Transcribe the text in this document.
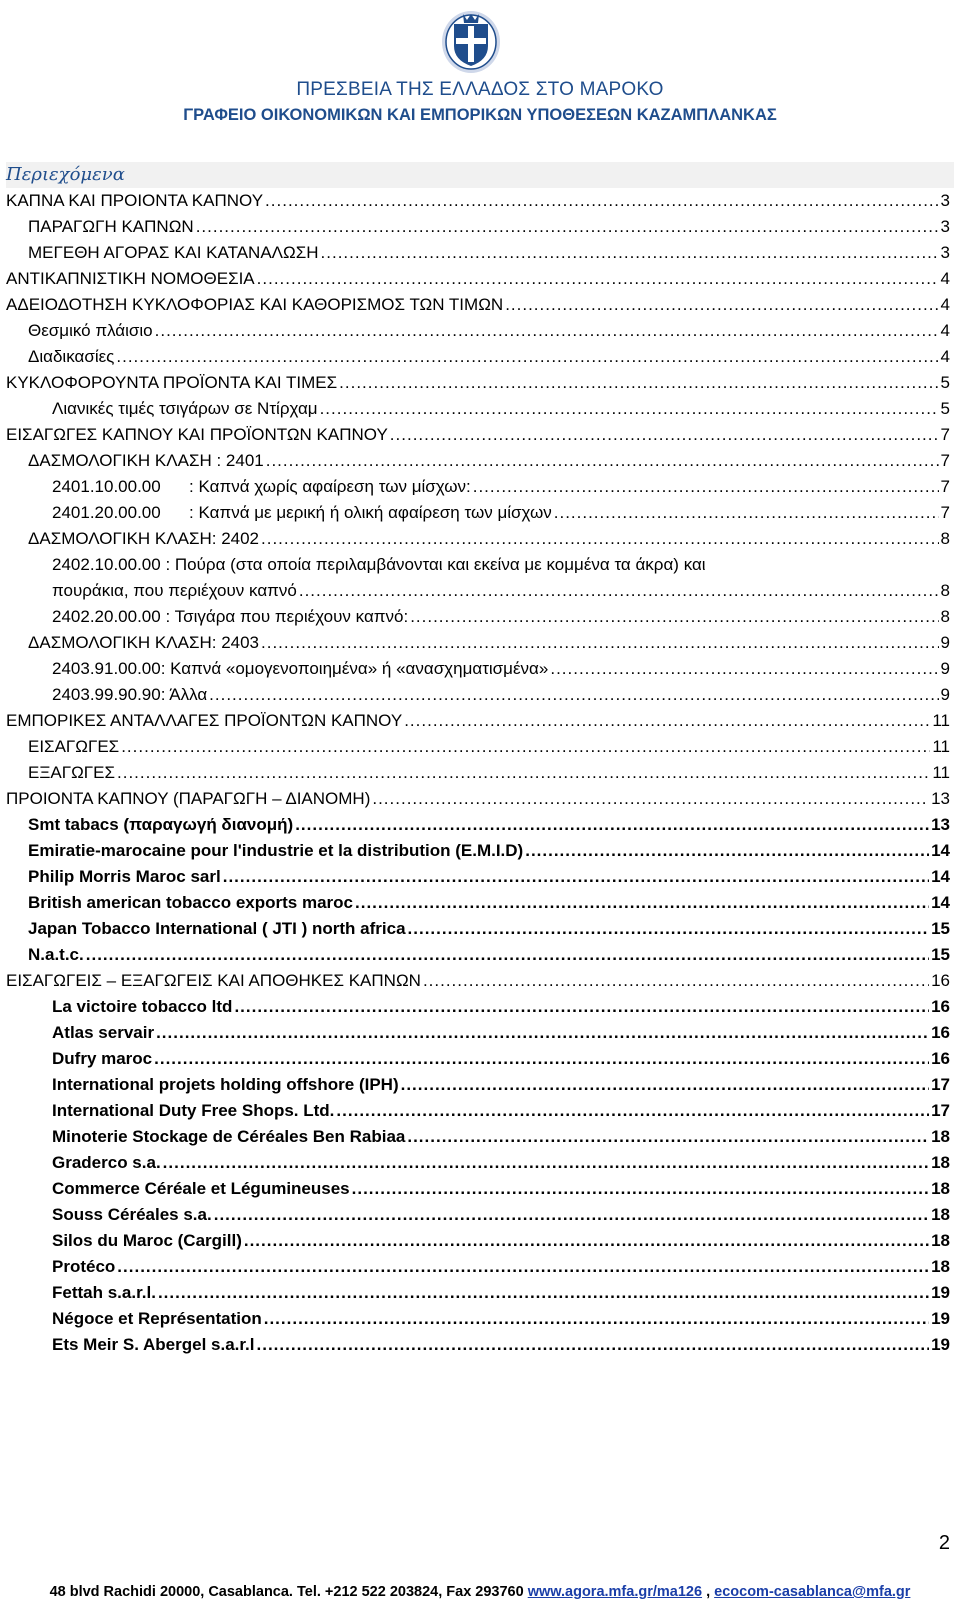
ΠΡΕΣΒΕΙΑ ΤΗΣ ΕΛΛΑΔΟΣ ΣΤΟ ΜΑΡΟΚΟ
ΓΡΑΦΕΙΟ ΟΙΚΟΝΟΜΙΚΩΝ ΚΑΙ ΕΜΠΟΡΙΚΩΝ ΥΠΟΘΕΣΕΩΝ ΚΑΖΑΜΠΛΑΝΚΑΣ
Περιεχόμενα
ΚΑΠΝΑ ΚΑΙ ΠΡΟΙΟΝΤΑ ΚΑΠΝΟΥ .....	3
ΠΑΡΑΓΩΓΗ ΚΑΠΝΩΝ .....	3
ΜΕΓΕΘΗ ΑΓΟΡΑΣ ΚΑΙ ΚΑΤΑΝΑΛΩΣΗ .....	3
ΑΝΤΙΚΑΠΝΙΣΤΙΚΗ ΝΟΜΟΘΕΣΙΑ .....	4
ΑΔΕΙΟΔΟΤΗΣΗ ΚΥΚΛΟΦΟΡΙΑΣ ΚΑΙ ΚΑΘΟΡΙΣΜΟΣ ΤΩΝ ΤΙΜΩΝ .....	4
Θεσμικό πλάισιο .....	4
Διαδικασίες .....	4
ΚΥΚΛΟΦΟΡΟΥΝΤΑ ΠΡΟΪΟΝΤΑ ΚΑΙ ΤΙΜΕΣ .....	5
Λιανικές τιμές τσιγάρων σε Ντίρχαμ .....	5
ΕΙΣΑΓΩΓΕΣ ΚΑΠΝΟΥ ΚΑΙ ΠΡΟΪΟΝΤΩΝ ΚΑΠΝΟΥ .....	7
ΔΑΣΜΟΛΟΓΙΚΗ ΚΛΑΣΗ : 2401 .....	7
2401.10.00.00      : Καπνά χωρίς αφαίρεση των μίσχων: .....	7
2401.20.00.00      : Καπνά με μερική ή ολική αφαίρεση των μίσχων .....	7
ΔΑΣΜΟΛΟΓΙΚΗ ΚΛΑΣΗ: 2402 .....	8
2402.10.00.00 : Πούρα (στα οποία περιλαμβάνονται και εκείνα με κομμένα τα άκρα) και
πουράκια, που περιέχουν καπνό .....	8
2402.20.00.00 : Τσιγάρα που περιέχουν καπνό: .....	8
ΔΑΣΜΟΛΟΓΙΚΗ ΚΛΑΣΗ: 2403 .....	9
2403.91.00.00: Καπνά «ομογενοποιημένα» ή «ανασχηματισμένα» .....	9
2403.99.90.90: Άλλα .....	9
ΕΜΠΟΡΙΚΕΣ ΑΝΤΑΛΛΑΓΕΣ ΠΡΟΪΟΝΤΩΝ ΚΑΠΝΟΥ .....	11
ΕΙΣΑΓΩΓΕΣ .....	11
ΕΞΑΓΩΓΕΣ .....	11
ΠΡΟΙΟΝΤΑ ΚΑΠΝΟΥ (ΠΑΡΑΓΩΓΗ – ΔΙΑΝΟΜΗ) .....	13
Smt tabacs (παραγωγή διανομή) .....	13
Emiratie-marocaine pour l'industrie et la distribution (E.M.I.D) .....	14
Philip Morris Maroc sarl .....	14
British american tobacco exports maroc .....	14
Japan Tobacco International ( JTI ) north africa .....	15
N.a.t.c. .....	15
ΕΙΣΑΓΩΓΕΙΣ – ΕΞΑΓΩΓΕΙΣ ΚΑΙ ΑΠΟΘΗΚΕΣ ΚΑΠΝΩΝ .....	16
La victoire tobacco ltd .....	16
Atlas servair .....	16
Dufry maroc .....	16
International projets holding offshore (IPH) .....	17
International Duty Free Shops. Ltd. .....	17
Minoterie Stockage de Céréales Ben Rabiaa .....	18
Graderco s.a. .....	18
Commerce Céréale et Légumineuses .....	18
Souss Céréales s.a. .....	18
Silos du Maroc (Cargill) .....	18
Protéco .....	18
Fettah s.a.r.l. .....	19
Négoce et Représentation .....	19
Ets Meir S. Abergel s.a.r.l .....	19
2
48 blvd Rachidi 20000, Casablanca. Tel. +212 522 203824, Fax 293760 www.agora.mfa.gr/ma126 , ecocom-casablanca@mfa.gr
